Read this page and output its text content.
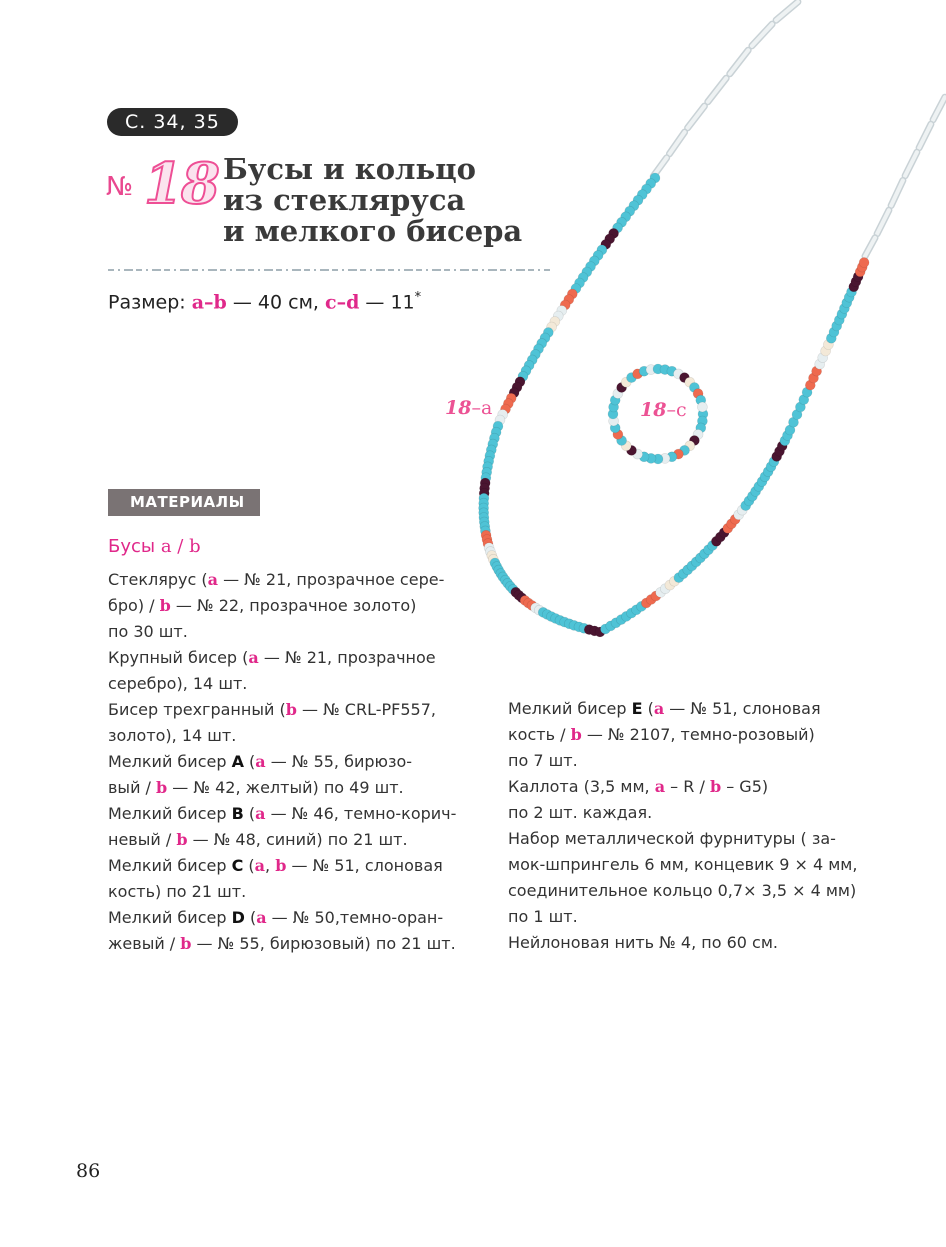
С. 34, 35
№ 18 Бусы и кольцо
из стекляруса
и мелкого бисера
Размер: a–b — 40 см, c–d — 11*
18–a	18–c
МАТЕРИАЛЫ
Бусы a / b
Стеклярус (a — № 21, прозрачное сере-
бро) / b — № 22, прозрачное золото)
по 30 шт.
Крупный бисер (a — № 21, прозрачное
серебро), 14 шт.
Бисер трехгранный (b — № CRL-PF557,
золото), 14 шт.
Мелкий бисер A (a — № 55, бирюзо-
вый / b — № 42, желтый) по 49 шт.
Мелкий бисер B (a — № 46, темно-корич-
невый / b — № 48, синий) по 21 шт.
Мелкий бисер C (a, b — № 51, слоновая
кость) по 21 шт.
Мелкий бисер D (a — № 50,темно-оран-
жевый / b — № 55, бирюзовый) по 21 шт.
Мелкий бисер E (a — № 51, слоновая
кость / b — № 2107, темно-розовый)
по 7 шт.
Каллота (3,5 мм, a – R / b – G5)
по 2 шт. каждая.
Набор металлической фурнитуры ( за-
мок-шпрингель 6 мм, концевик 9 × 4 мм,
соединительное кольцо 0,7× 3,5 × 4 мм)
по 1 шт.
Нейлоновая нить № 4, по 60 см.
86
